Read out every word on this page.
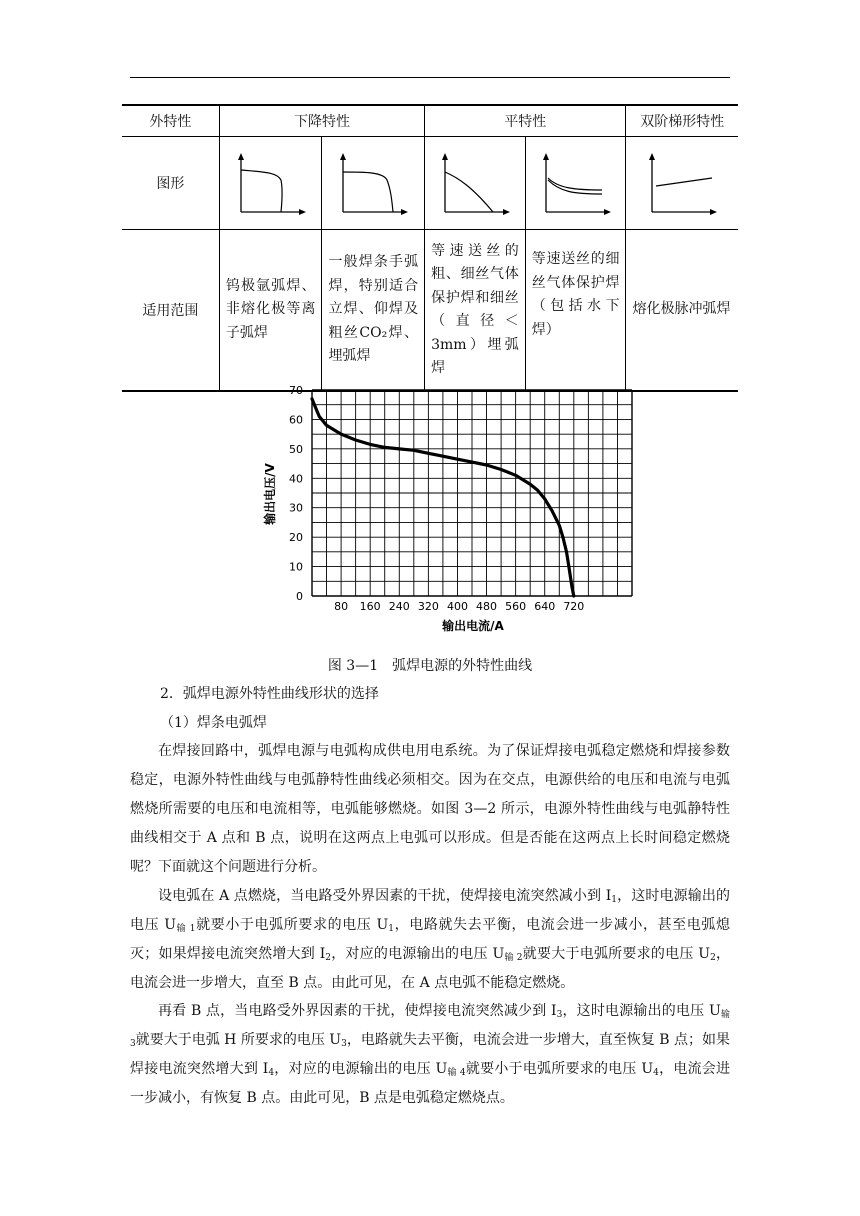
外特性	下降特性		平特性		双阶梯形特性
图形	

适用范围	钨极氩弧焊、非熔化极等离子弧焊	一般焊条手弧焊，特别适合立焊、仰焊及粗丝CO₂焊、埋弧焊	等速送丝的粗、细丝气体保护焊和细丝（直径＜3mm）埋弧焊	等速送丝的细丝气体保护焊（包括水下焊）	熔化极脉冲弧焊
0
10
20
30
40
50
60
70
80 160 240 320 400 480 560 640 720
输出电流/A
输出电压/V
图 3—1　弧焊电源的外特性曲线
2．弧焊电源外特性曲线形状的选择
（1）焊条电弧焊

在焊接回路中，弧焊电源与电弧构成供电用电系统。为了保证焊接电弧稳定燃烧和焊接参数稳定，电源外特性曲线与电弧静特性曲线必须相交。因为在交点，电源供给的电压和电流与电弧燃烧所需要的电压和电流相等，电弧能够燃烧。如图 3—2 所示，电源外特性曲线与电弧静特性曲线相交于 A 点和 B 点，说明在这两点上电弧可以形成。但是否能在这两点上长时间稳定燃烧呢？下面就这个问题进行分析。

设电弧在 A 点燃烧，当电路受外界因素的干扰，使焊接电流突然减小到 $I_1$，这时电源输出的电压 $U_{输 1}$就要小于电弧所要求的电压 $U_1$，电路就失去平衡，电流会进一步减小，甚至电弧熄灭；如果焊接电流突然增大到 $I_2$，对应的电源输出的电压 $U_{输 2}$就要大于电弧所要求的电压 $U_2$，电流会进一步增大，直至 B 点。由此可见，在 A 点电弧不能稳定燃烧。

再看 B 点，当电路受外界因素的干扰，使焊接电流突然减少到 $I_3$，这时电源输出的电压 $U_{输 3}$就要大于电弧 H 所要求的电压 $U_3$，电路就失去平衡，电流会进一步增大，直至恢复 B 点；如果焊接电流突然增大到 $I_4$，对应的电源输出的电压 $U_{输 4}$就要小于电弧所要求的电压 $U_4$，电流会进一步减小，有恢复 B 点。由此可见，B 点是电弧稳定燃烧点。
